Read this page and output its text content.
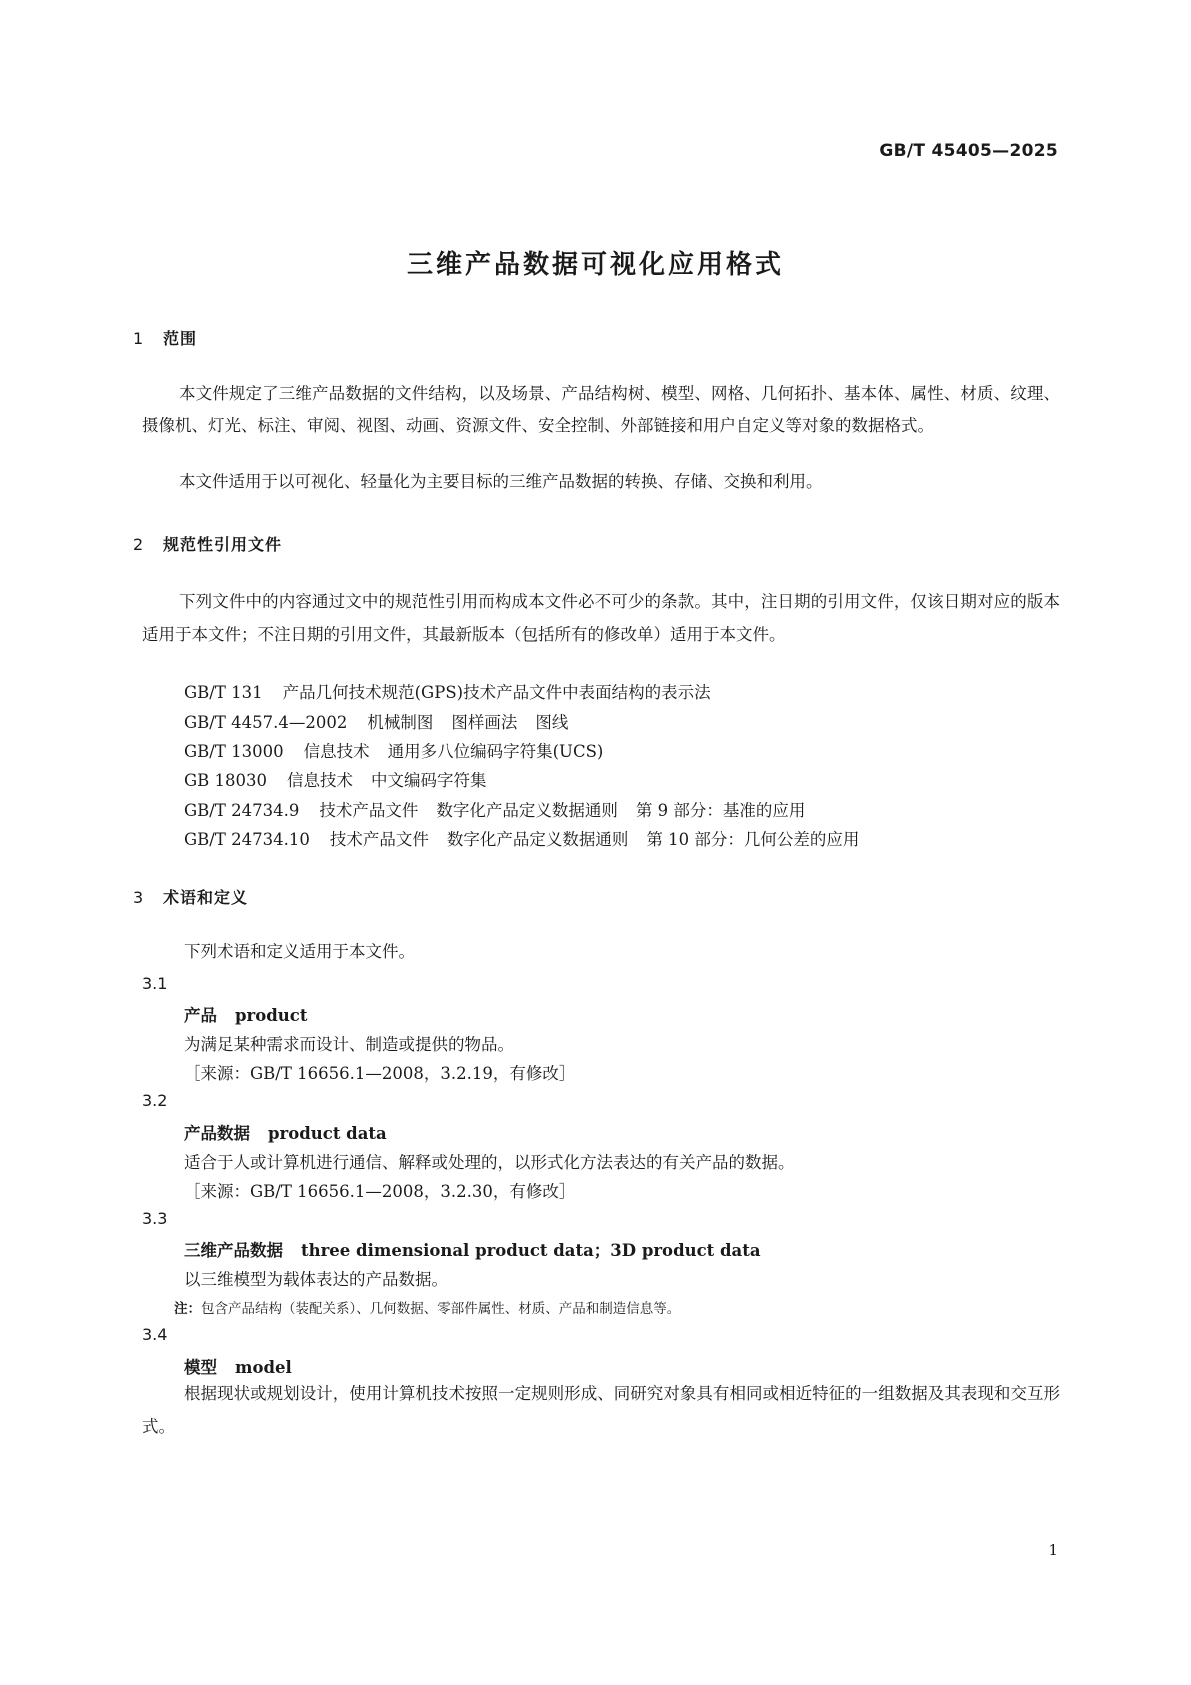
GB/T 45405—2025
三维产品数据可视化应用格式
1 范围
本文件规定了三维产品数据的文件结构，以及场景、产品结构树、模型、网格、几何拓扑、基本体、属性、材质、纹理、摄像机、灯光、标注、审阅、视图、动画、资源文件、安全控制、外部链接和用户自定义等对象的数据格式。
本文件适用于以可视化、轻量化为主要目标的三维产品数据的转换、存储、交换和利用。
2 规范性引用文件
下列文件中的内容通过文中的规范性引用而构成本文件必不可少的条款。其中，注日期的引用文件，仅该日期对应的版本适用于本文件；不注日期的引用文件，其最新版本（包括所有的修改单）适用于本文件。
GB/T 131 产品几何技术规范(GPS)技术产品文件中表面结构的表示法
GB/T 4457.4—2002 机械制图 图样画法 图线
GB/T 13000 信息技术 通用多八位编码字符集(UCS)
GB 18030 信息技术 中文编码字符集
GB/T 24734.9 技术产品文件 数字化产品定义数据通则 第 9 部分：基准的应用
GB/T 24734.10 技术产品文件 数字化产品定义数据通则 第 10 部分：几何公差的应用
3 术语和定义
下列术语和定义适用于本文件。
3.1
产品 product
为满足某种需求而设计、制造或提供的物品。
［来源：GB/T 16656.1—2008，3.2.19，有修改］
3.2
产品数据 product data
适合于人或计算机进行通信、解释或处理的，以形式化方法表达的有关产品的数据。
［来源：GB/T 16656.1—2008，3.2.30，有修改］
3.3
三维产品数据 three dimensional product data；3D product data
以三维模型为载体表达的产品数据。
注：包含产品结构（装配关系）、几何数据、零部件属性、材质、产品和制造信息等。
3.4
模型 model
根据现状或规划设计，使用计算机技术按照一定规则形成、同研究对象具有相同或相近特征的一组数据及其表现和交互形式。
1
